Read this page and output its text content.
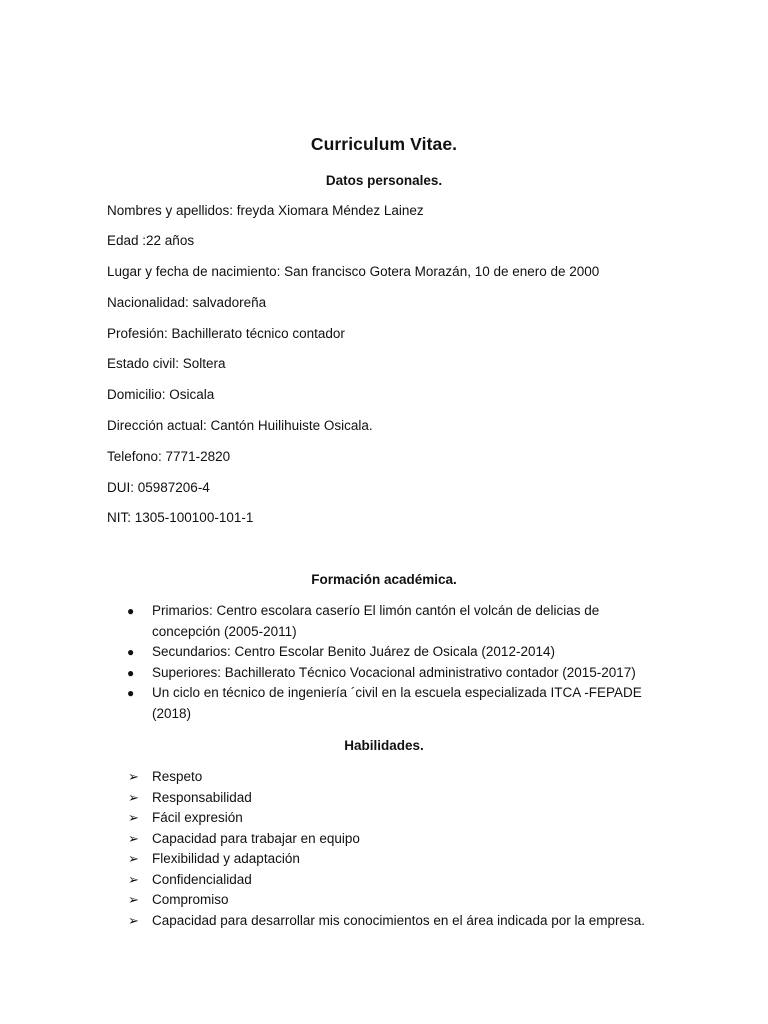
Curriculum Vitae.
Datos personales.
Nombres y apellidos: freyda Xiomara Méndez Lainez
Edad :22 años
Lugar y fecha de nacimiento: San francisco Gotera Morazán, 10 de enero de 2000
Nacionalidad: salvadoreña
Profesión: Bachillerato técnico contador
Estado civil: Soltera
Domicilio: Osicala
Dirección actual: Cantón Huilihuiste Osicala.
Telefono: 7771-2820
DUI: 05987206-4
NIT: 1305-100100-101-1
Formación académica.
●	Primarios: Centro escolara caserío El limón cantón el volcán de delicias de concepción (2005-2011)
●	Secundarios: Centro Escolar Benito Juárez de Osicala (2012-2014)
●	Superiores: Bachillerato Técnico Vocacional administrativo contador (2015-2017)
●	Un ciclo en técnico de ingeniería ´civil en la escuela especializada ITCA -FEPADE (2018)
Habilidades.
➢ Respeto
➢ Responsabilidad
➢ Fácil expresión
➢ Capacidad para trabajar en equipo
➢ Flexibilidad y adaptación
➢ Confidencialidad
➢ Compromiso
➢ Capacidad para desarrollar mis conocimientos en el área indicada por la empresa.
